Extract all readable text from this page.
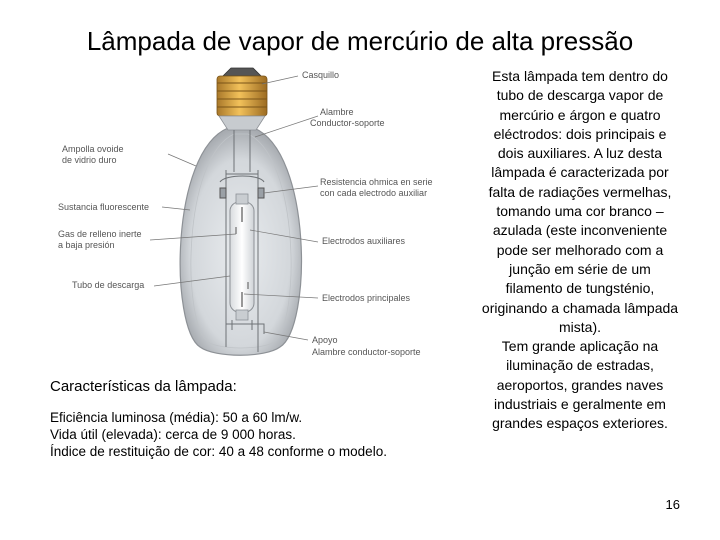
Lâmpada de vapor de mercúrio de alta pressão
Casquillo
Alambre
Conductor-soporte
Ampolla ovoide
de vidrio duro
Resistencia ohmica en serie
con cada electrodo auxiliar
Sustancia fluorescente
Gas de relleno inerte
a baja presión	Electrodos auxiliares
Tubo de descarga
Electrodos principales
Apoyo
Alambre conductor-soporte
Características da lâmpada:
Eficiência luminosa (média): 50 a 60 lm/w.
Vida útil (elevada): cerca de 9 000 horas.
Índice de restituição de cor: 40 a 48 conforme o modelo.
Esta lâmpada tem dentro do tubo de descarga vapor de mercúrio e árgon e quatro eléctrodos: dois principais e dois auxiliares. A luz desta lâmpada é caracterizada por falta de radiações vermelhas, tomando uma cor branco – azulada (este inconveniente pode ser melhorado com a junção em série de um filamento de tungsténio, originando a chamada lâmpada mista).
Tem grande aplicação na iluminação de estradas, aeroportos, grandes naves industriais e geralmente em grandes espaços exteriores.
16
